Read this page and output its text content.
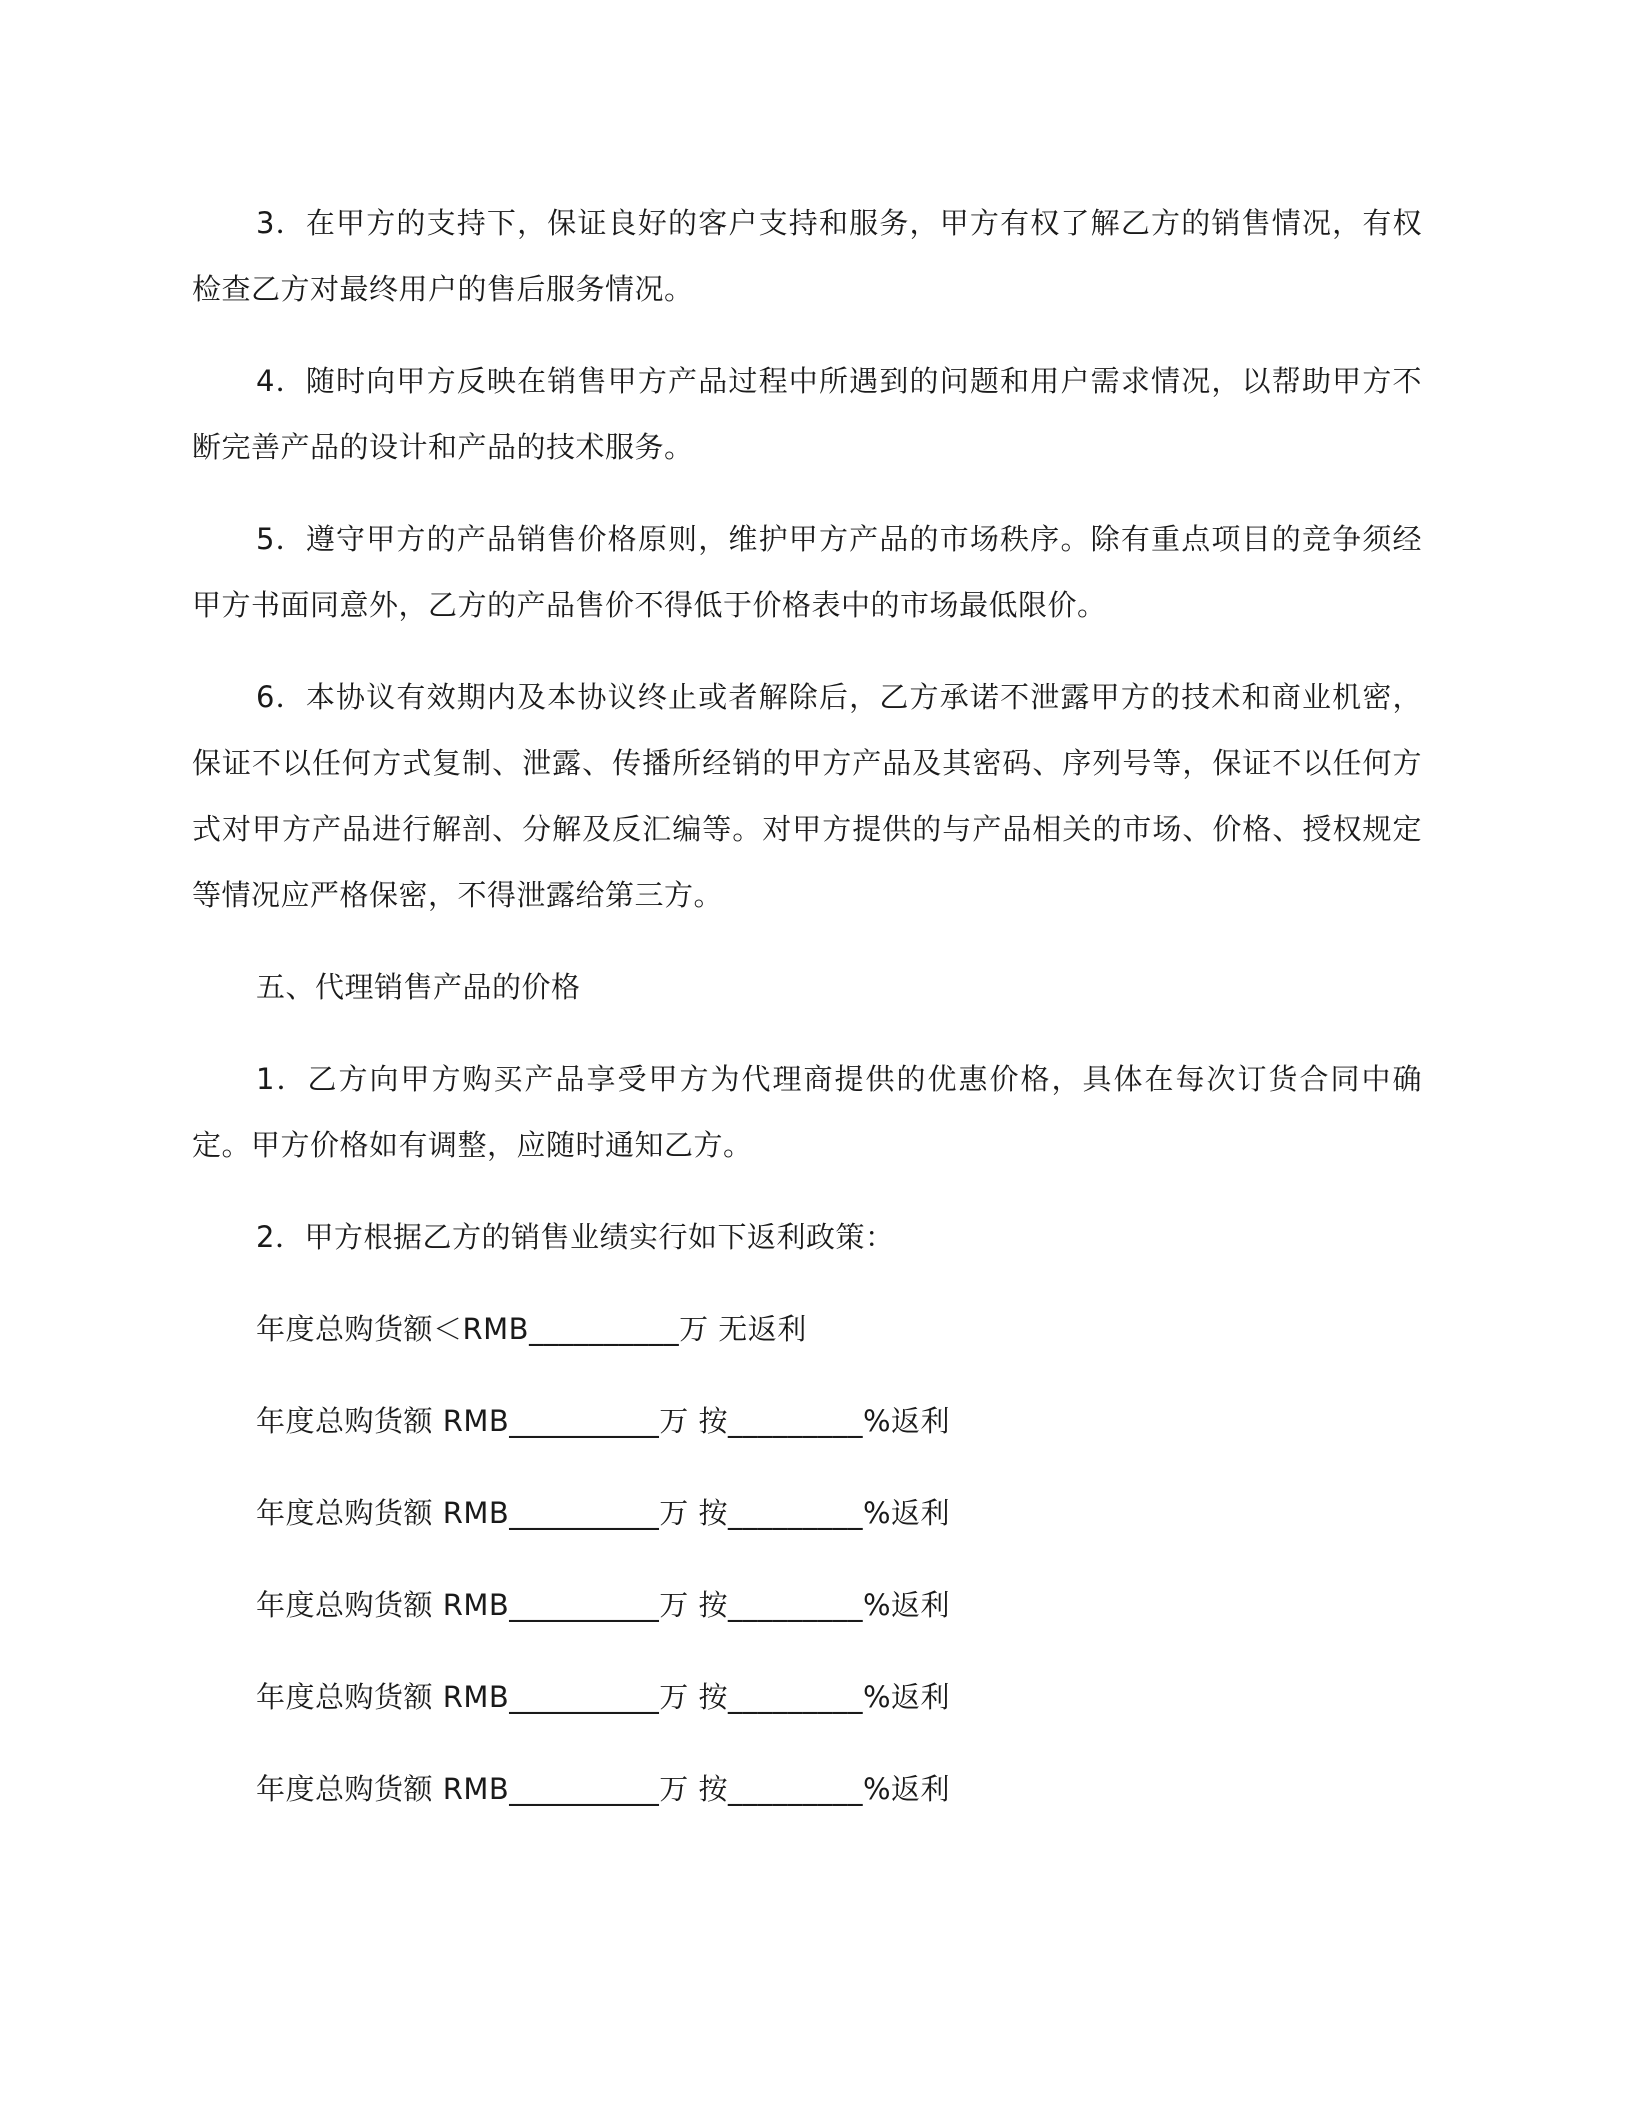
3．在甲方的支持下，保证良好的客户支持和服务，甲方有权了解乙方的销售情况，有权检查乙方对最终用户的售后服务情况。

4．随时向甲方反映在销售甲方产品过程中所遇到的问题和用户需求情况，以帮助甲方不断完善产品的设计和产品的技术服务。

5．遵守甲方的产品销售价格原则，维护甲方产品的市场秩序。除有重点项目的竞争须经甲方书面同意外，乙方的产品售价不得低于价格表中的市场最低限价。

6．本协议有效期内及本协议终止或者解除后，乙方承诺不泄露甲方的技术和商业机密，保证不以任何方式复制、泄露、传播所经销的甲方产品及其密码、序列号等，保证不以任何方式对甲方产品进行解剖、分解及反汇编等。对甲方提供的与产品相关的市场、价格、授权规定等情况应严格保密，不得泄露给第三方。

五、代理销售产品的价格

1．乙方向甲方购买产品享受甲方为代理商提供的优惠价格，具体在每次订货合同中确定。甲方价格如有调整，应随时通知乙方。

2．甲方根据乙方的销售业绩实行如下返利政策：

年度总购货额＜RMB__________万 无返利
年度总购货额 RMB__________万 按_________%返利
年度总购货额 RMB__________万 按_________%返利
年度总购货额 RMB__________万 按_________%返利
年度总购货额 RMB__________万 按_________%返利
年度总购货额 RMB__________万 按_________%返利
